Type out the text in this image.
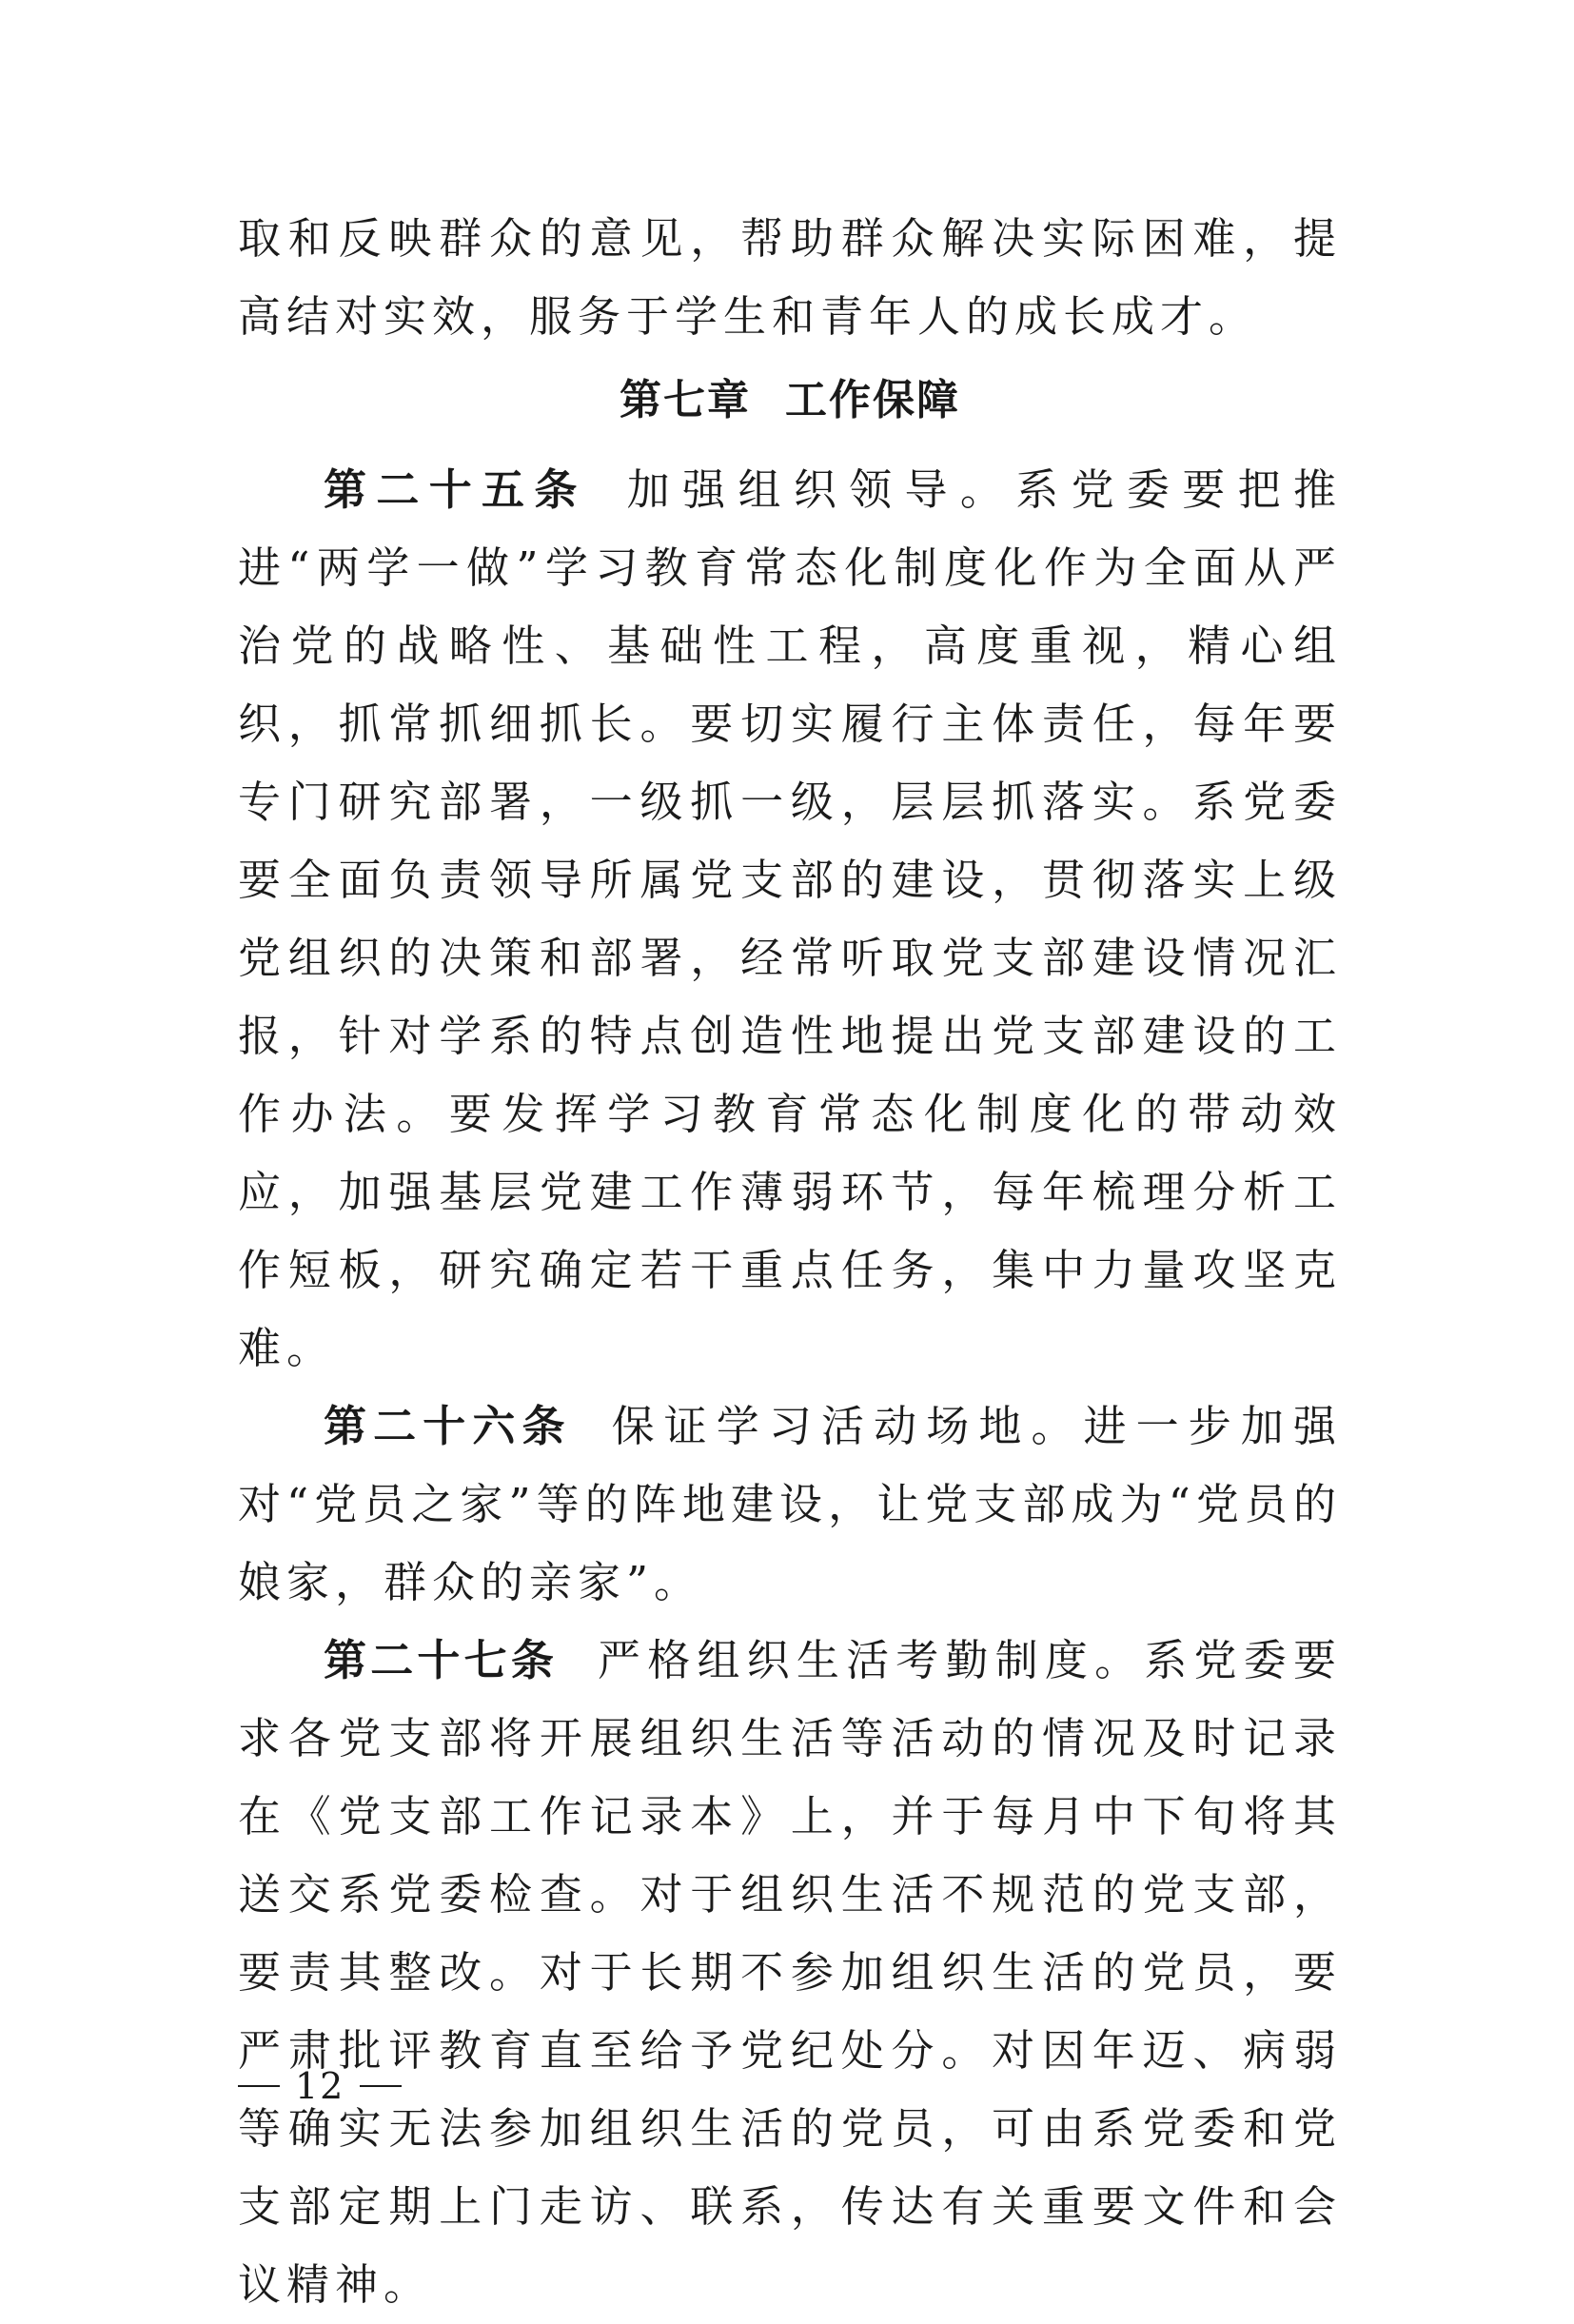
取和反映群众的意见，帮助群众解决实际困难，提高结对实效，服务于学生和青年人的成长成才。

第七章 工作保障

第二十五条 加强组织领导。系党委要把推进“两学一做”学习教育常态化制度化作为全面从严治党的战略性、基础性工程，高度重视，精心组织，抓常抓细抓长。要切实履行主体责任，每年要专门研究部署，一级抓一级，层层抓落实。系党委要全面负责领导所属党支部的建设，贯彻落实上级党组织的决策和部署，经常听取党支部建设情况汇报，针对学系的特点创造性地提出党支部建设的工作办法。要发挥学习教育常态化制度化的带动效应，加强基层党建工作薄弱环节，每年梳理分析工作短板，研究确定若干重点任务，集中力量攻坚克难。

第二十六条 保证学习活动场地。进一步加强对“党员之家”等的阵地建设，让党支部成为“党员的娘家，群众的亲家”。

第二十七条 严格组织生活考勤制度。系党委要求各党支部将开展组织生活等活动的情况及时记录在《党支部工作记录本》上，并于每月中下旬将其送交系党委检查。对于组织生活不规范的党支部，要责其整改。对于长期不参加组织生活的党员，要严肃批评教育直至给予党纪处分。对因年迈、病弱等确实无法参加组织生活的党员，可由系党委和党支部定期上门走访、联系，传达有关重要文件和会议精神。

12
